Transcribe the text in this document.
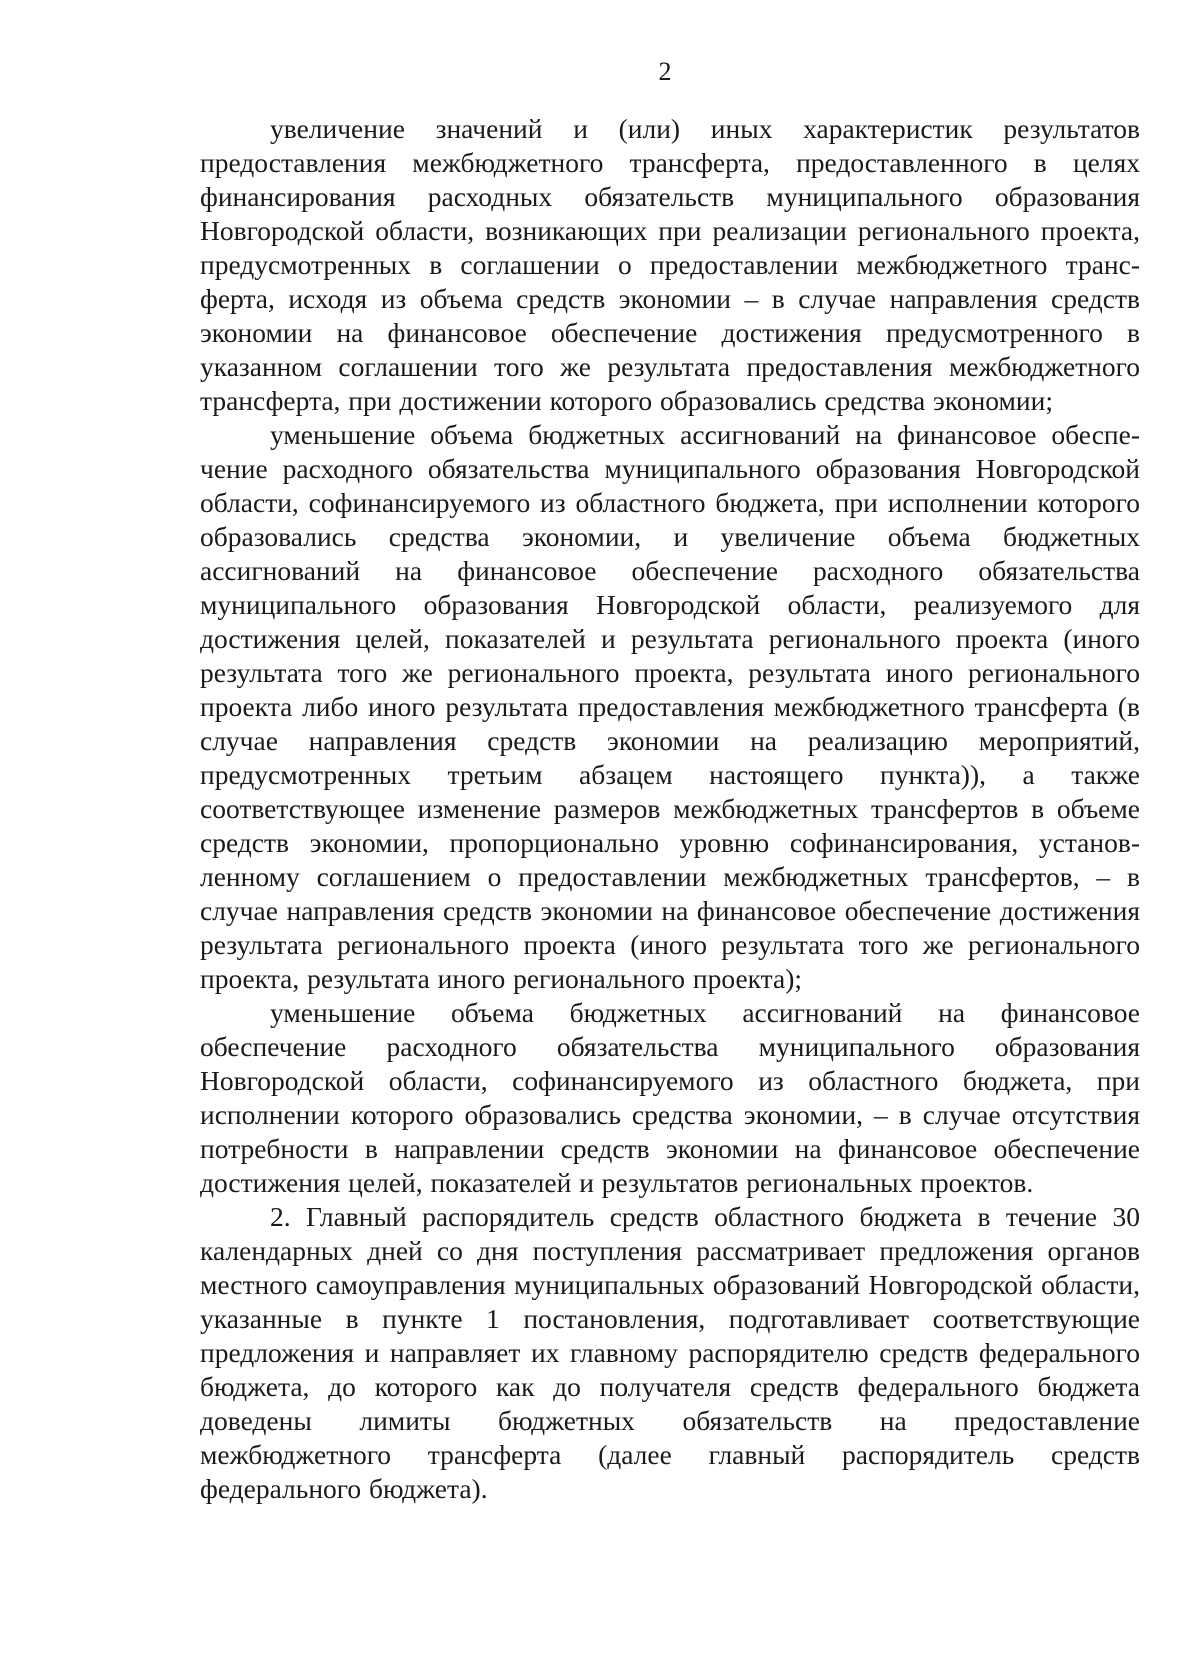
2

увеличение значений и (или) иных характеристик результатов предоставления межбюджетного трансферта, предоставленного в целях финансирования расходных обязательств муниципального образования Новгородской области, возникающих при реализации регионального проекта, предусмотренных в соглашении о предоставлении межбюджетного транс-ферта, исходя из объема средств экономии – в случае направления средств экономии на финансовое обеспечение достижения предусмотренного в указанном соглашении того же результата предоставления межбюджетного трансферта, при достижении которого образовались средства экономии;

уменьшение объема бюджетных ассигнований на финансовое обеспечение расходного обязательства муниципального образования Новгородской области, софинансируемого из областного бюджета, при исполнении которого образовались средства экономии, и увеличение объема бюджетных ассигнований на финансовое обеспечение расходного обязательства муниципального образования Новгородской области, реализуемого для достижения целей, показателей и результата регионального проекта (иного результата того же регионального проекта, результата иного регионального проекта либо иного результата предоставления межбюджетного трансферта (в случае направления средств экономии на реализацию мероприятий, предусмотренных третьим абзацем настоящего пункта)), а также соответствующее изменение размеров межбюджетных трансфертов в объеме средств экономии, пропорционально уровню софинансирования, установленному соглашением о предоставлении межбюджетных трансфертов, – в случае направления средств экономии на финансовое обеспечение достижения результата регионального проекта (иного результата того же регионального проекта, результата иного регионального проекта);

уменьшение объема бюджетных ассигнований на финансовое обеспечение расходного обязательства муниципального образования Новгородской области, софинансируемого из областного бюджета, при исполнении которого образовались средства экономии, – в случае отсутствия потребности в направлении средств экономии на финансовое обеспечение достижения целей, показателей и результатов региональных проектов.

2. Главный распорядитель средств областного бюджета в течение 30 календарных дней со дня поступления рассматривает предложения органов местного самоуправления муниципальных образований Новгородской области, указанные в пункте 1 постановления, подготавливает соответствующие предложения и направляет их главному распорядителю средств федерального бюджета, до которого как до получателя средств федерального бюджета доведены лимиты бюджетных обязательств на предоставление межбюджетного трансферта (далее главный распорядитель средств федерального бюджета).
